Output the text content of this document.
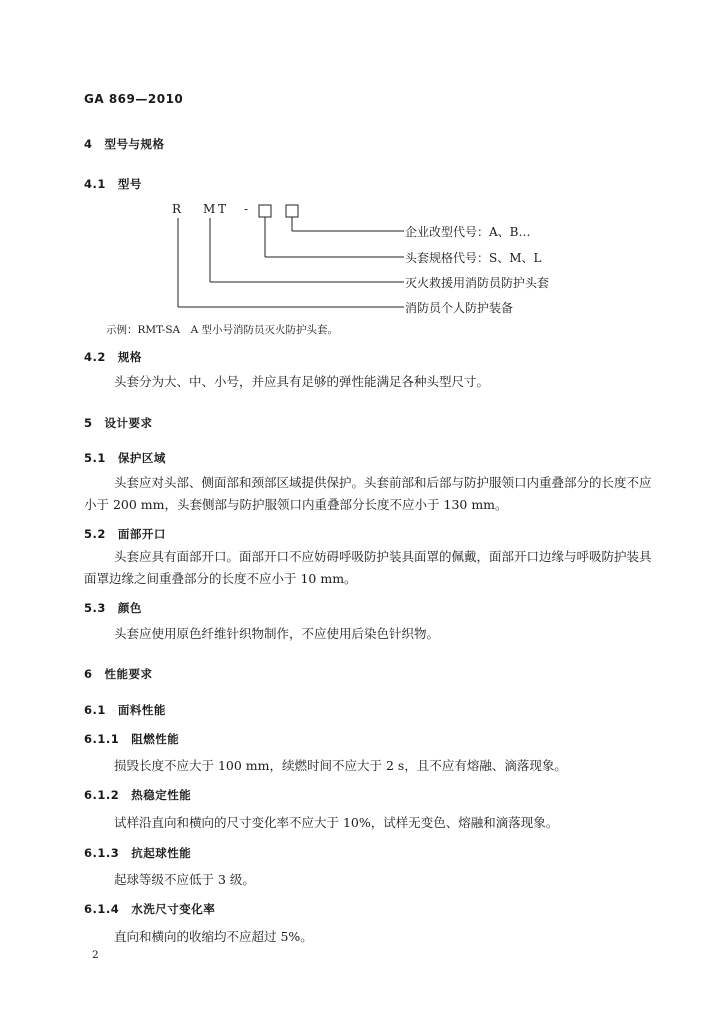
GA 869—2010
4　型号与规格
4.1　型号
R M T -
企业改型代号：A、B…
头套规格代号：S、M、L
灭火救援用消防员防护头套
消防员个人防护装备
示例：RMT-SA　A 型小号消防员灭火防护头套。
4.2　规格
头套分为大、中、小号，并应具有足够的弹性能满足各种头型尺寸。
5　设计要求
5.1　保护区域
头套应对头部、侧面部和颈部区域提供保护。头套前部和后部与防护服领口内重叠部分的长度不应小于 200 mm，头套侧部与防护服领口内重叠部分长度不应小于 130 mm。
5.2　面部开口
头套应具有面部开口。面部开口不应妨碍呼吸防护装具面罩的佩戴，面部开口边缘与呼吸防护装具面罩边缘之间重叠部分的长度不应小于 10 mm。
5.3　颜色
头套应使用原色纤维针织物制作，不应使用后染色针织物。
6　性能要求
6.1　面料性能
6.1.1　阻燃性能
损毁长度不应大于 100 mm，续燃时间不应大于 2 s，且不应有熔融、滴落现象。
6.1.2　热稳定性能
试样沿直向和横向的尺寸变化率不应大于 10%，试样无变色、熔融和滴落现象。
6.1.3　抗起球性能
起球等级不应低于 3 级。
6.1.4　水洗尺寸变化率
直向和横向的收缩均不应超过 5%。
2
